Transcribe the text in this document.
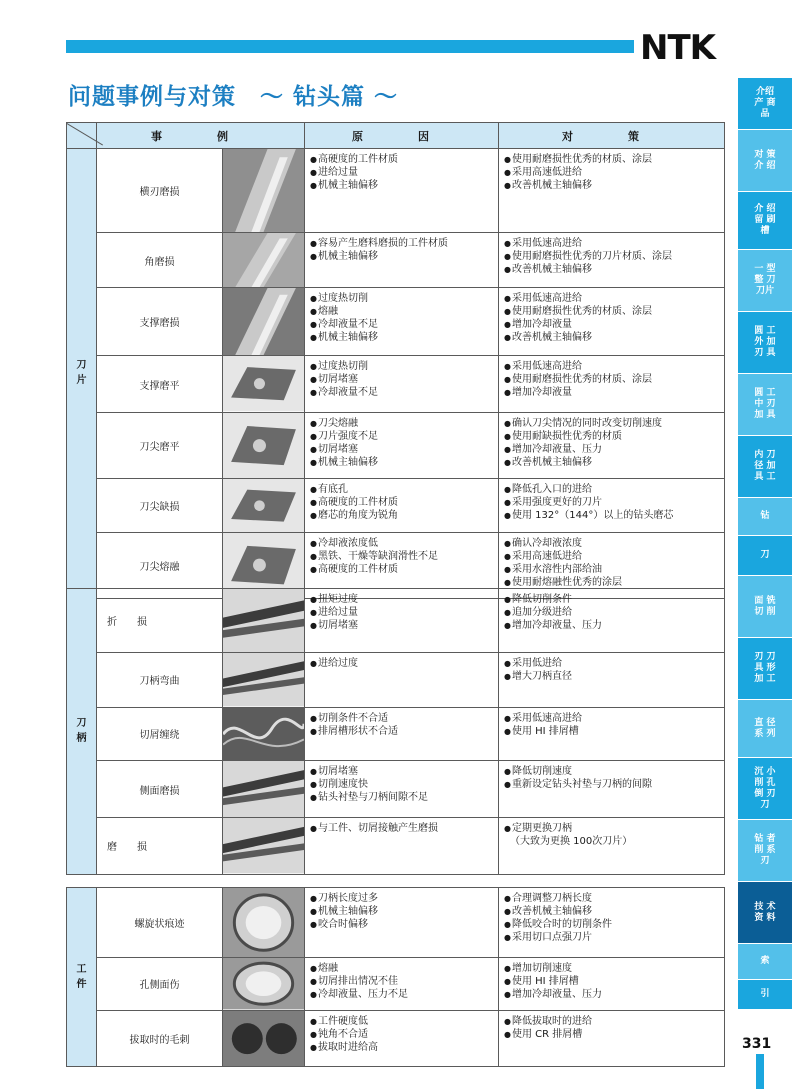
NTK
问题事例与对策　～ 钻头篇 ～
	事　例		原　因	对　策
刀片	横刃磨损		● 高硬度的工件材质
● 进给过量
● 机械主轴偏移	● 使用耐磨损性优秀的材质、涂层
● 采用高速低进给
● 改善机械主轴偏移

	角磨损		● 容易产生磨料磨损的工件材质
● 机械主轴偏移	● 采用低速高进给
● 使用耐磨损性优秀的刀片材质、涂层
● 改善机械主轴偏移

	支撑磨损		● 过度热切削
● 熔融
● 冷却液量不足
● 机械主轴偏移	● 采用低速高进给
● 使用耐磨损性优秀的材质、涂层
● 增加冷却液量
● 改善机械主轴偏移

	支撑磨平		● 过度热切削
● 切屑堵塞
● 冷却液量不足	● 采用低速高进给
● 使用耐磨损性优秀的材质、涂层
● 增加冷却液量

	刀尖磨平		● 刀尖熔融
● 刀片强度不足
● 切屑堵塞
● 机械主轴偏移	● 确认刀尖情况的同时改变切削速度
● 使用耐缺损性优秀的材质
● 增加冷却液量、压力
● 改善机械主轴偏移

	刀尖缺损		● 有底孔
● 高硬度的工件材质
● 磨芯的角度为锐角	● 降低孔入口的进给
● 采用强度更好的刀片
● 使用 132°（144°）以上的钻头磨芯

	刀尖熔融		● 冷却液浓度低
● 黑铁、干燥等缺润滑性不足
● 高硬度的工件材质	● 确认冷却液浓度
● 采用高速低进给
● 采用水溶性内部给油
● 使用耐熔融性优秀的涂层
刀柄	折　　损		● 扭矩过度
● 进给过量
● 切屑堵塞	● 降低切削条件
● 追加分级进给
● 增加冷却液量、压力

	刀柄弯曲		● 进给过度	● 采用低进给
● 增大刀柄直径

	切屑缠绕		● 切削条件不合适
● 排屑槽形状不合适	● 采用低速高进给
● 使用 HI 排屑槽

	侧面磨损		● 切屑堵塞
● 切削速度快
● 钻头衬垫与刀柄间隙不足	● 降低切削速度
● 重新设定钻头衬垫与刀柄的间隙

	磨　　损		● 与工件、切屑接触产生磨损	● 定期更换刀柄
（大致为更换 100次刀片）
工件	螺旋状痕迹		● 刀柄长度过多
● 机械主轴偏移
● 咬合时偏移	● 合理调整刀柄长度
● 改善机械主轴偏移
● 降低咬合时的切削条件
● 采用切口点强刀片

	孔侧面伤		● 熔融
● 切屑排出情况不佳
● 冷却液量、压力不足	● 增加切削速度
● 使用 HI 排屑槽
● 增加冷却液量、压力

	拔取时的毛刺		● 工件硬度低
● 钝角不合适
● 拔取时进给高	● 降低拔取时的进给
● 使用 CR 排屑槽
介绍 产 商品
对 策 介 绍
介 绍 留 刷 槽
一 型 整 刀 刀片
圆 工 外 加 刃 具
圆 工 中 刃 加 具
内 刀 径 加 具 工
钻
刀
面 铣 切 削
刃 刀 具 形 加 工
直 径 系 列
沉 小 削 孔 倒 刃 刀
钻 者 削 系 刃
技 术 资 料
索
引
331
